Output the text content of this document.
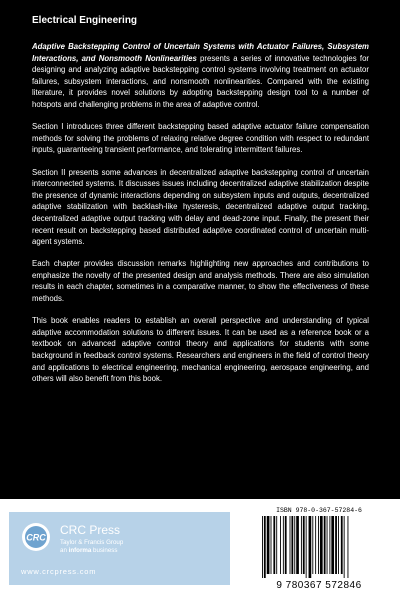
Electrical Engineering

Adaptive Backstepping Control of Uncertain Systems with Actuator Failures, Subsystem Interactions, and Nonsmooth Nonlinearities presents a series of innovative technologies for designing and analyzing adaptive backstepping control systems involving treatment on actuator failures, subsystem interactions, and nonsmooth nonlinearities. Compared with the existing literature, it provides novel solutions by adopting backstepping design tool to a number of hotspots and challenging problems in the area of adaptive control.

Section I introduces three different backstepping based adaptive actuator failure compensation methods for solving the problems of relaxing relative degree condition with respect to redundant inputs, guaranteeing transient performance, and tolerating intermittent failures.

Section II presents some advances in decentralized adaptive backstepping control of uncertain interconnected systems. It discusses issues including decentralized adaptive stabilization despite the presence of dynamic interactions depending on subsystem inputs and outputs, decentralized adaptive stabilization with backlash-like hysteresis, decentralized adaptive output tracking, decentralized adaptive output tracking with delay and dead-zone input. Finally, the present their recent result on backstepping based distributed adaptive coordinated control of uncertain multi-agent systems.

Each chapter provides discussion remarks highlighting new approaches and contributions to emphasize the novelty of the presented design and analysis methods. There are also simulation results in each chapter, sometimes in a comparative manner, to show the effectiveness of these methods.

This book enables readers to establish an overall perspective and understanding of typical adaptive accommodation solutions to different issues. It can be used as a reference book or a textbook on advanced adaptive control theory and applications for students with some background in feedback control systems. Researchers and engineers in the field of control theory and applications to electrical engineering, mechanical engineering, aerospace engineering, and others will also benefit from this book.

CRC
CRC Press
Taylor & Francis Group
an informa business
www.crcpress.com
ISBN 978-0-367-57284-6
9 780367 572846
